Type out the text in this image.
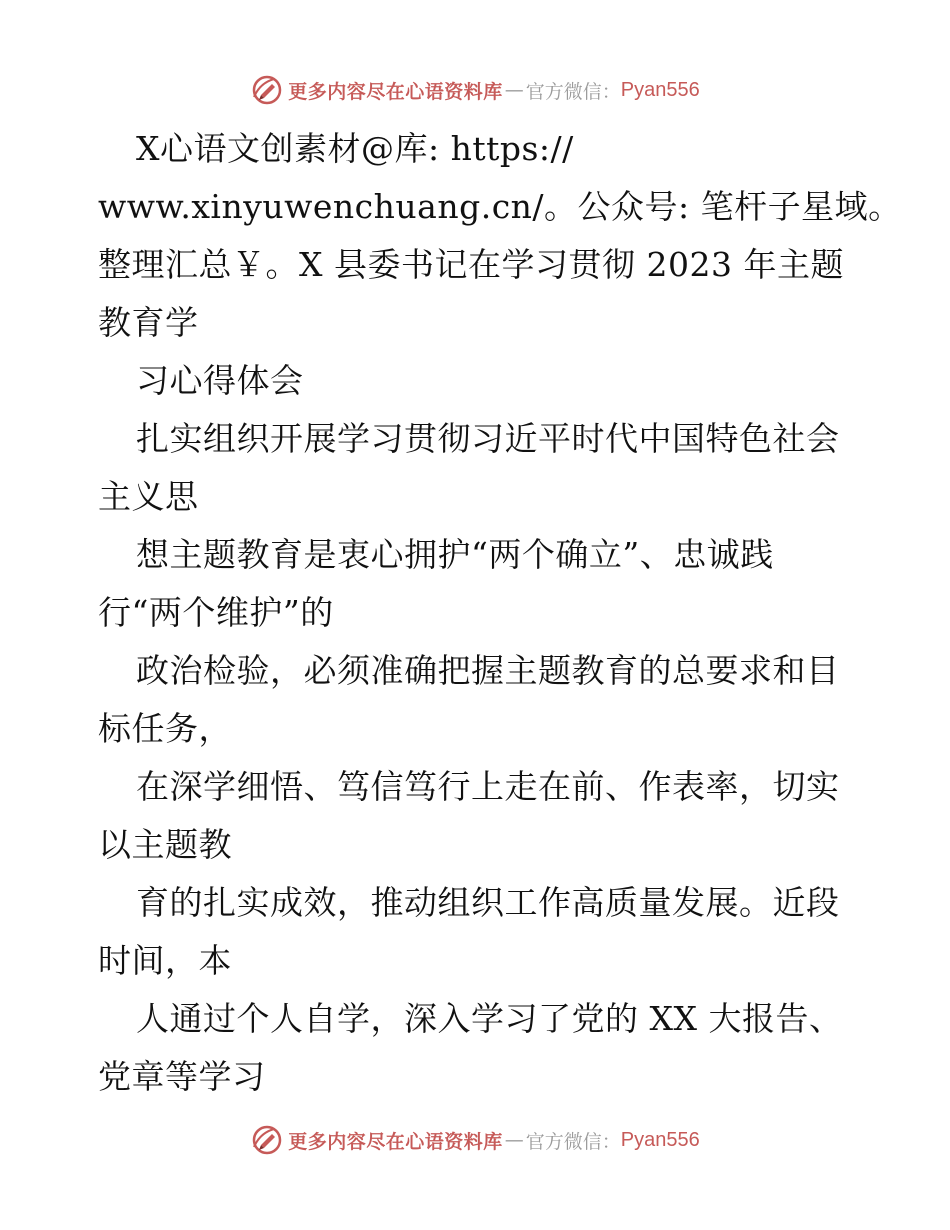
更多内容尽在心语资料库 — 官方微信： Pyan556
X心语文创素材@库: https://
www.xinyuwenchuang.cn/。公众号: 笔杆子星域。
整理汇总￥。X 县委书记在学习贯彻 2023 年主题
教育学
习心得体会
扎实组织开展学习贯彻习近平时代中国特色社会
主义思
想主题教育是衷心拥护“两个确立”、忠诚践
行“两个维护”的
政治检验，必须准确把握主题教育的总要求和目
标任务，
在深学细悟、笃信笃行上走在前、作表率，切实
以主题教
育的扎实成效，推动组织工作高质量发展。近段
时间，本
人通过个人自学，深入学习了党的 XX 大报告、
党章等学习
更多内容尽在心语资料库 — 官方微信： Pyan556
